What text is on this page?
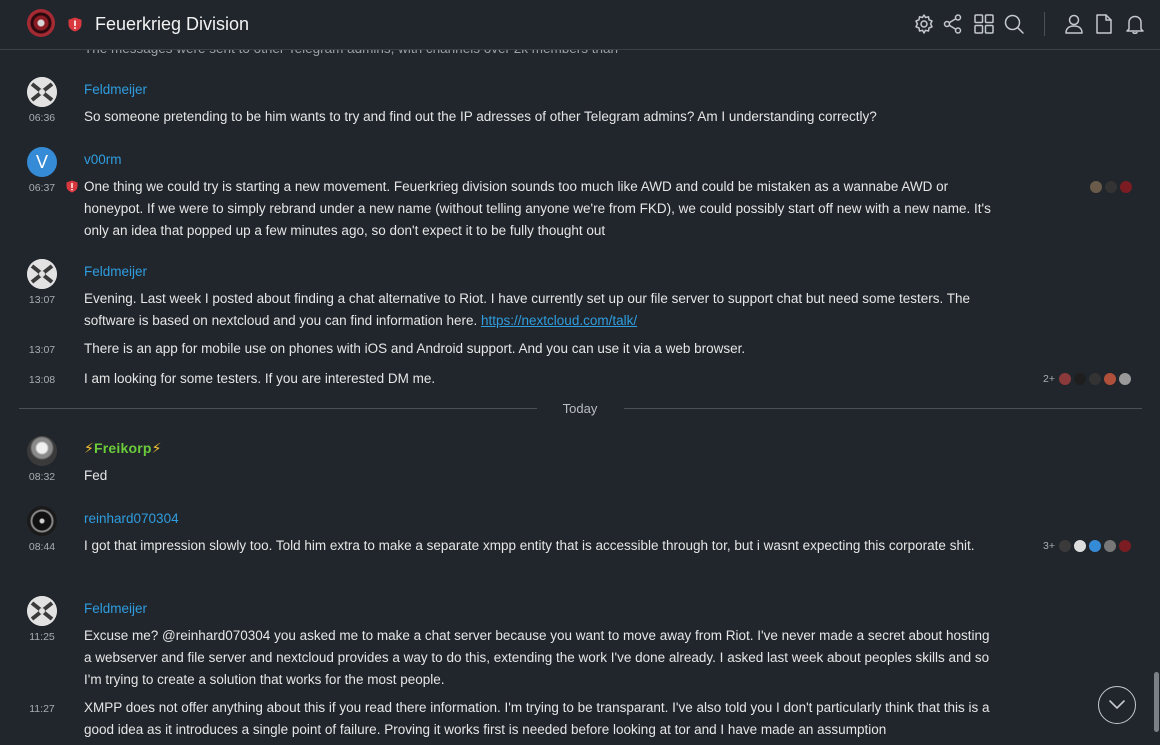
Feldmeijer
06:36 So someone pretending to be him wants to try and find out the IP adresses of other Telegram admins? Am I understanding correctly?
V	v00rm
06:37 One thing we could try is starting a new movement. Feuerkrieg division sounds too much like AWD and could be mistaken as a wannabe AWD or honeypot. If we were to simply rebrand under a new name (without telling anyone we're from FKD), we could possibly start off new with a new name. It's only an idea that popped up a few minutes ago, so don't expect it to be fully thought out
Feldmeijer
13:07 Evening. Last week I posted about finding a chat alternative to Riot. I have currently set up our file server to support chat but need some testers. The software is based on nextcloud and you can find information here. https://nextcloud.com/talk/
13:07 There is an app for mobile use on phones with iOS and Android support. And you can use it via a web browser.
13:08 I am looking for some testers. If you are interested DM me.	2+
Today
⚡Freikorp⚡
08:32 Fed
reinhard070304
08:44 I got that impression slowly too. Told him extra to make a separate xmpp entity that is accessible through tor, but i wasnt expecting this corporate shit.	3+
Feldmeijer
11:25 Excuse me? @reinhard070304 you asked me to make a chat server because you want to move away from Riot. I've never made a secret about hosting a webserver and file server and nextcloud provides a way to do this, extending the work I've done already. I asked last week about peoples skills and so I'm trying to create a solution that works for the most people.
11:27 XMPP does not offer anything about this if you read there information. I'm trying to be transparant. I've also told you I don't particularly think that this is a good idea as it introduces a single point of failure. Proving it works first is needed before looking at tor and I have made an assumption
Feuerkrieg Division
